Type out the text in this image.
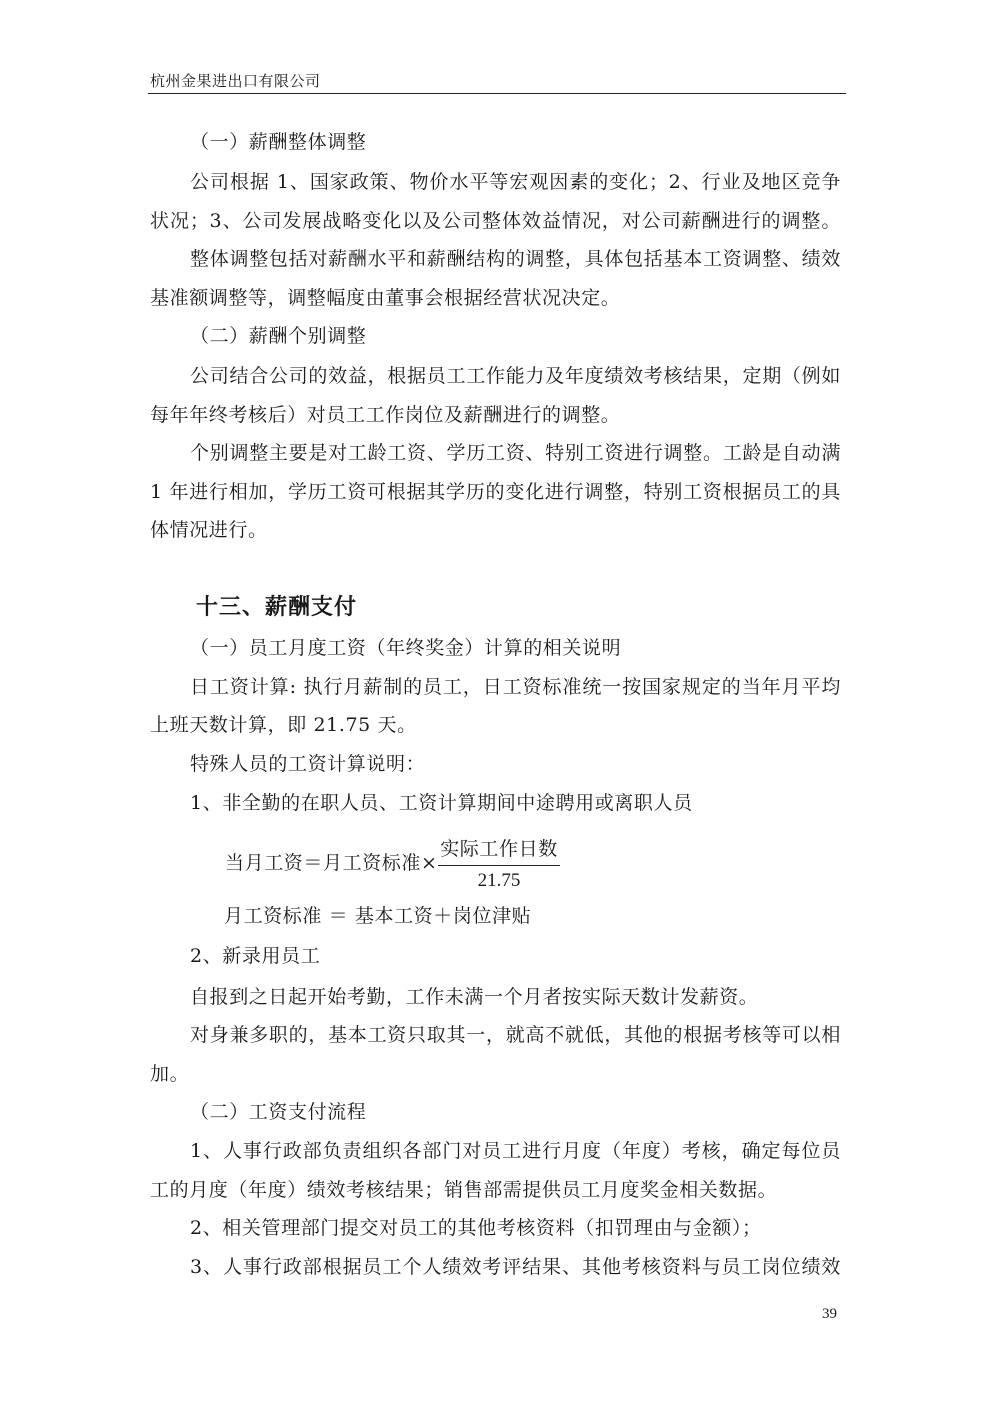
杭州金果进出口有限公司
（一）薪酬整体调整
公司根据 1、国家政策、物价水平等宏观因素的变化；2、行业及地区竞争
状况；3、公司发展战略变化以及公司整体效益情况，对公司薪酬进行的调整。
整体调整包括对薪酬水平和薪酬结构的调整，具体包括基本工资调整、绩效
基准额调整等，调整幅度由董事会根据经营状况决定。
（二）薪酬个别调整
公司结合公司的效益，根据员工工作能力及年度绩效考核结果，定期（例如
每年年终考核后）对员工工作岗位及薪酬进行的调整。
个别调整主要是对工龄工资、学历工资、特别工资进行调整。工龄是自动满
1 年进行相加，学历工资可根据其学历的变化进行调整，特别工资根据员工的具
体情况进行。
十三、薪酬支付
（一）员工月度工资（年终奖金）计算的相关说明
日工资计算: 执行月薪制的员工，日工资标准统一按国家规定的当年月平均
上班天数计算，即 21.75 天。
特殊人员的工资计算说明：
1、非全勤的在职人员、工资计算期间中途聘用或离职人员
当月工资＝月工资标准×
实际工作日数
21.75
月工资标准 ＝ 基本工资＋岗位津贴
2、新录用员工
自报到之日起开始考勤，工作未满一个月者按实际天数计发薪资。
对身兼多职的，基本工资只取其一，就高不就低，其他的根据考核等可以相
加。
（二）工资支付流程
1、人事行政部负责组织各部门对员工进行月度（年度）考核，确定每位员
工的月度（年度）绩效考核结果；销售部需提供员工月度奖金相关数据。
2、相关管理部门提交对员工的其他考核资料（扣罚理由与金额）；
3、人事行政部根据员工个人绩效考评结果、其他考核资料与员工岗位绩效
39
